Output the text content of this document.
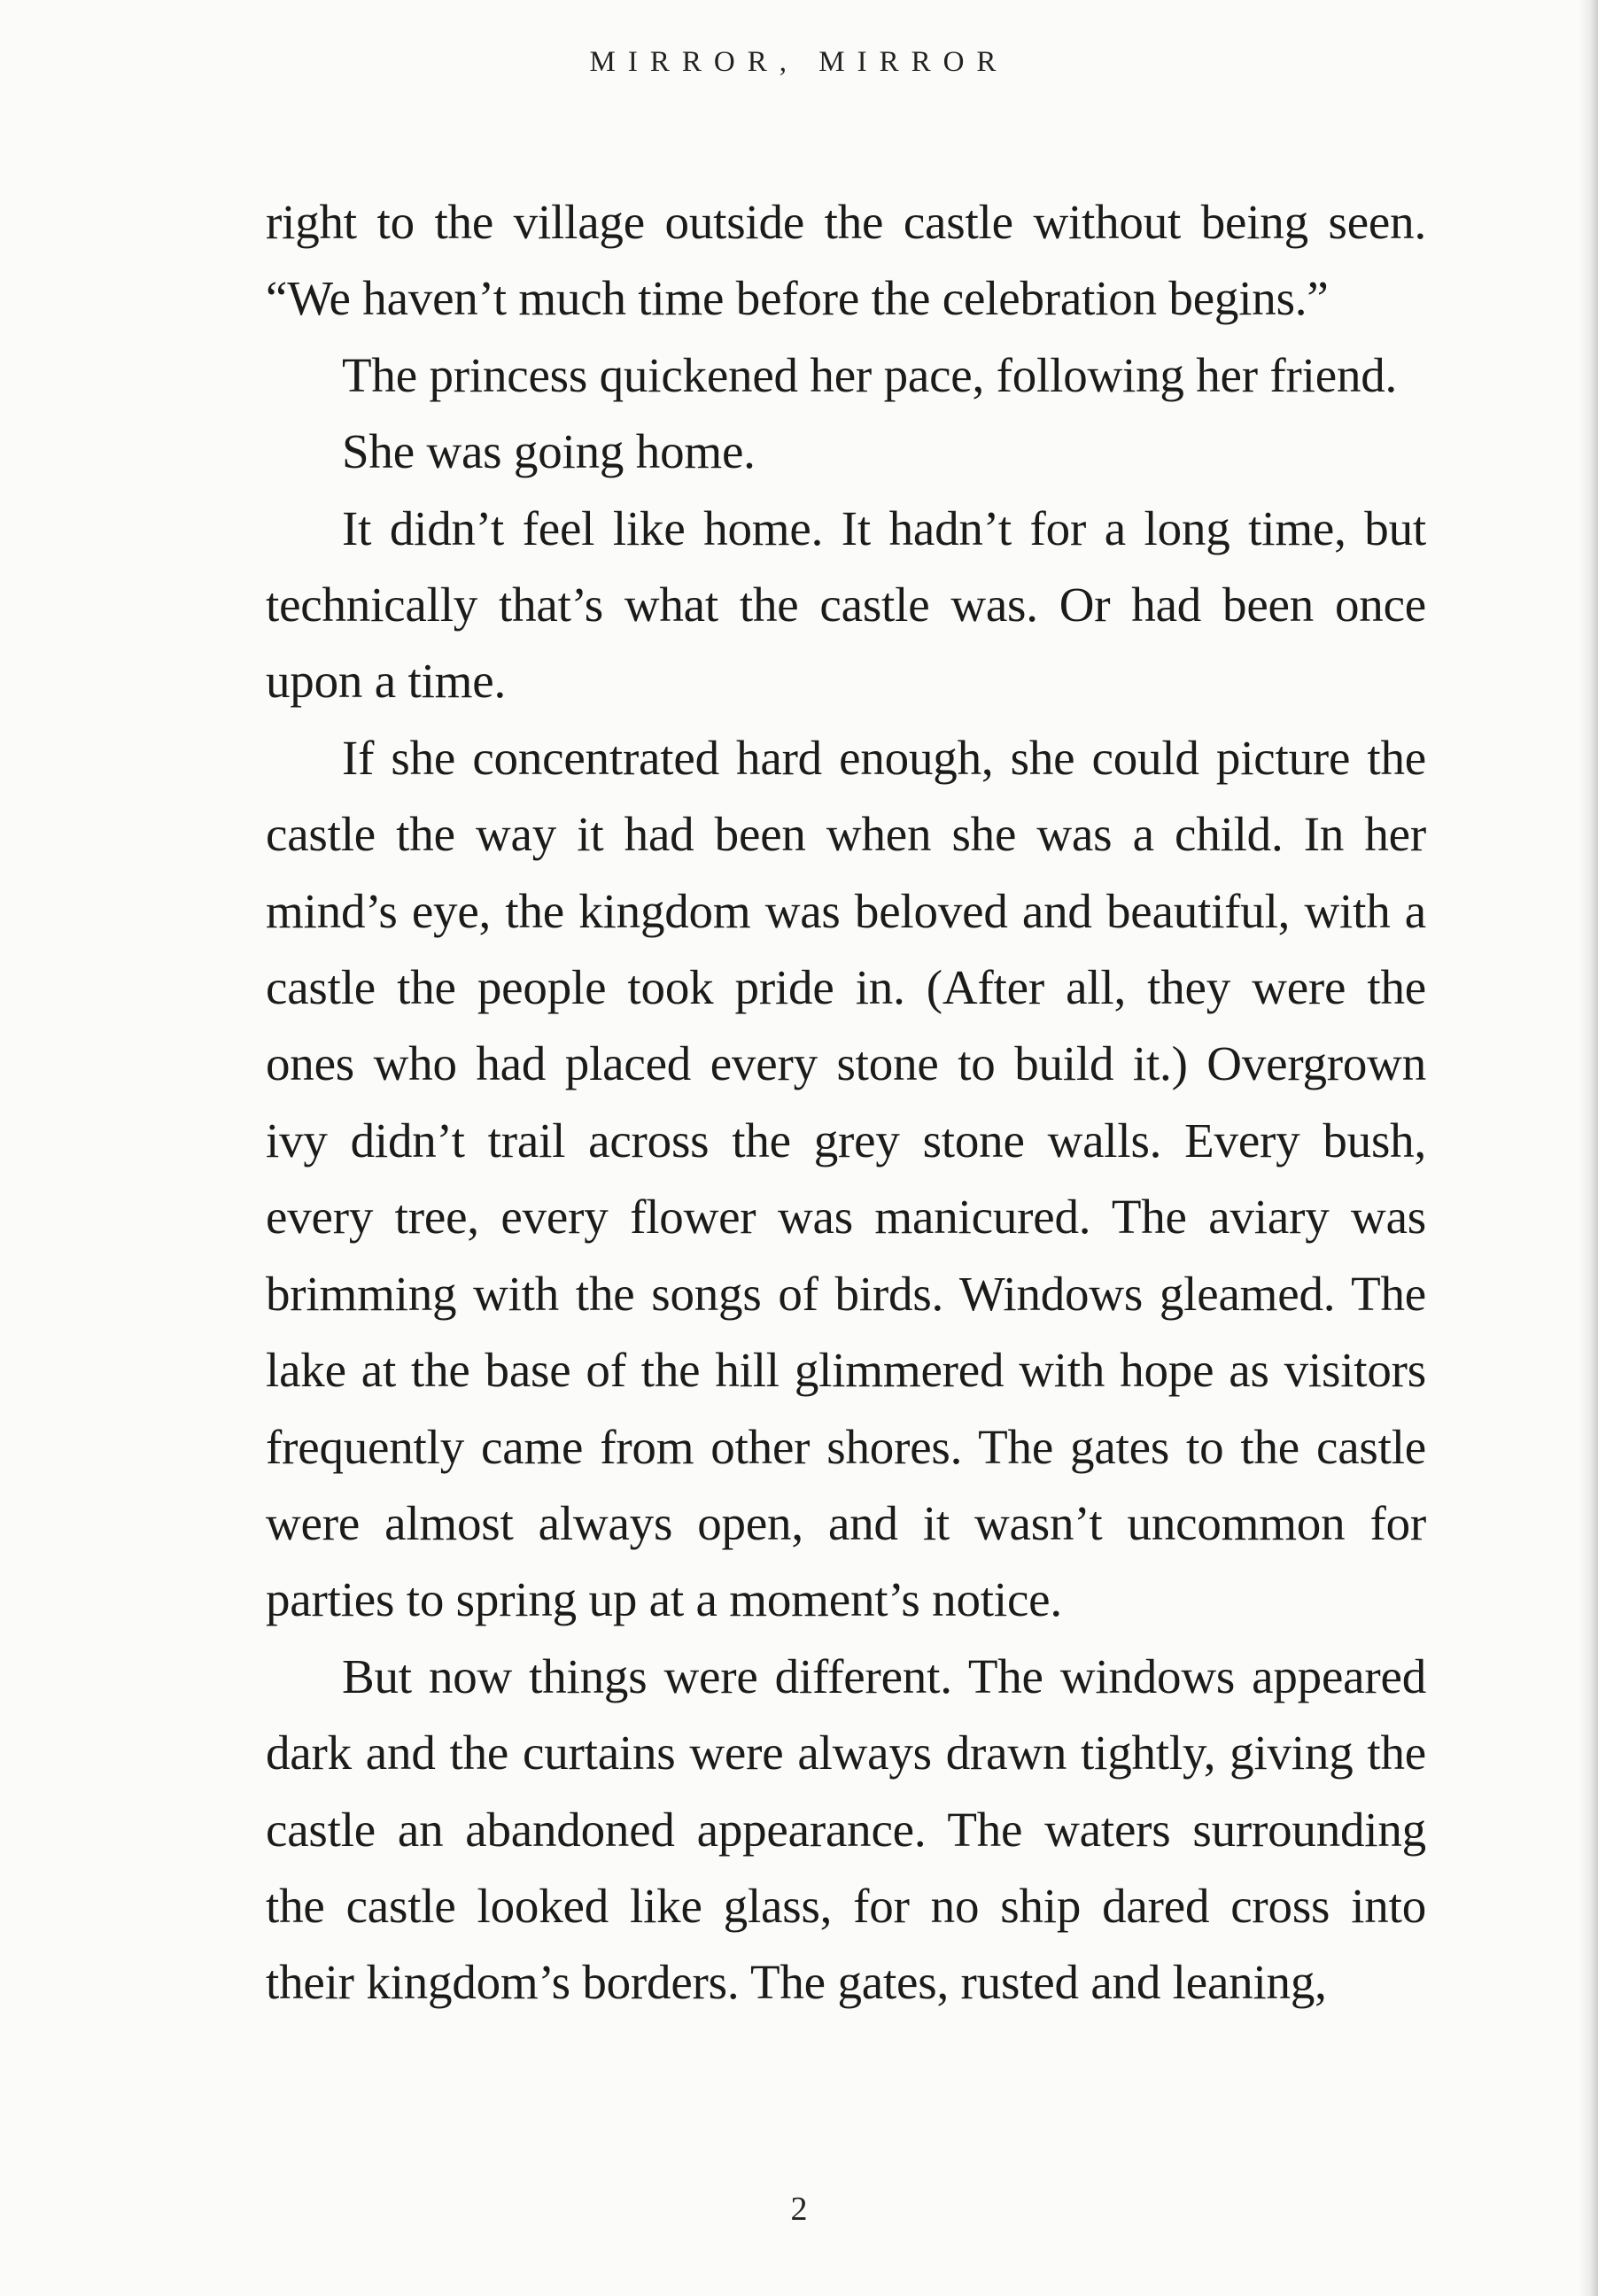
MIRROR, MIRROR

right to the village outside the castle without being seen. “We haven’t much time before the celebration begins.”

The princess quickened her pace, following her friend.

She was going home.

It didn’t feel like home. It hadn’t for a long time, but technically that’s what the castle was. Or had been once upon a time.

If she concentrated hard enough, she could picture the castle the way it had been when she was a child. In her mind’s eye, the kingdom was beloved and beautiful, with a castle the people took pride in. (After all, they were the ones who had placed every stone to build it.) Overgrown ivy didn’t trail across the grey stone walls. Every bush, every tree, every flower was manicured. The aviary was brimming with the songs of birds. Windows gleamed. The lake at the base of the hill glimmered with hope as visitors frequently came from other shores. The gates to the castle were almost always open, and it wasn’t uncommon for parties to spring up at a moment’s notice.

But now things were different. The windows appeared dark and the curtains were always drawn tightly, giving the castle an abandoned appearance. The waters surrounding the castle looked like glass, for no ship dared cross into their kingdom’s borders. The gates, rusted and leaning,

2
